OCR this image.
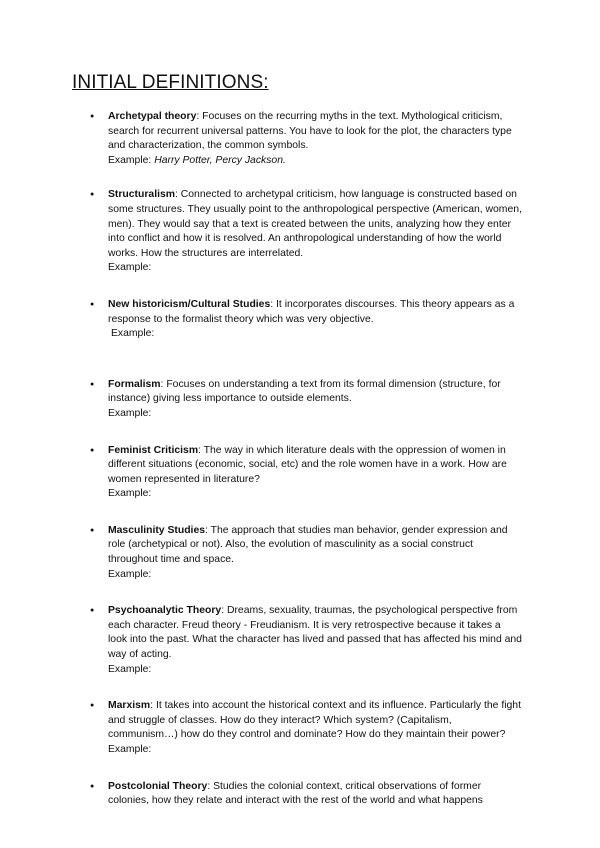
INITIAL DEFINITIONS:
● Archetypal theory: Focuses on the recurring myths in the text. Mythological criticism, search for recurrent universal patterns. You have to look for the plot, the characters type and characterization, the common symbols.
Example: Harry Potter, Percy Jackson.
● Structuralism: Connected to archetypal criticism, how language is constructed based on some structures. They usually point to the anthropological perspective (American, women, men). They would say that a text is created between the units, analyzing how they enter into conflict and how it is resolved. An anthropological understanding of how the world works. How the structures are interrelated.
Example:
● New historicism/Cultural Studies: It incorporates discourses. This theory appears as a response to the formalist theory which was very objective.
Example:
● Formalism: Focuses on understanding a text from its formal dimension (structure, for instance) giving less importance to outside elements.
Example:
● Feminist Criticism: The way in which literature deals with the oppression of women in different situations (economic, social, etc) and the role women have in a work. How are women represented in literature?
Example:
● Masculinity Studies: The approach that studies man behavior, gender expression and role (archetypical or not). Also, the evolution of masculinity as a social construct throughout time and space.
Example:
● Psychoanalytic Theory: Dreams, sexuality, traumas, the psychological perspective from each character. Freud theory - Freudianism. It is very retrospective because it takes a look into the past. What the character has lived and passed that has affected his mind and way of acting.
Example:
● Marxism: It takes into account the historical context and its influence. Particularly the fight and struggle of classes. How do they interact? Which system? (Capitalism, communism…) how do they control and dominate? How do they maintain their power?
Example:
● Postcolonial Theory: Studies the colonial context, critical observations of former colonies, how they relate and interact with the rest of the world and what happens
